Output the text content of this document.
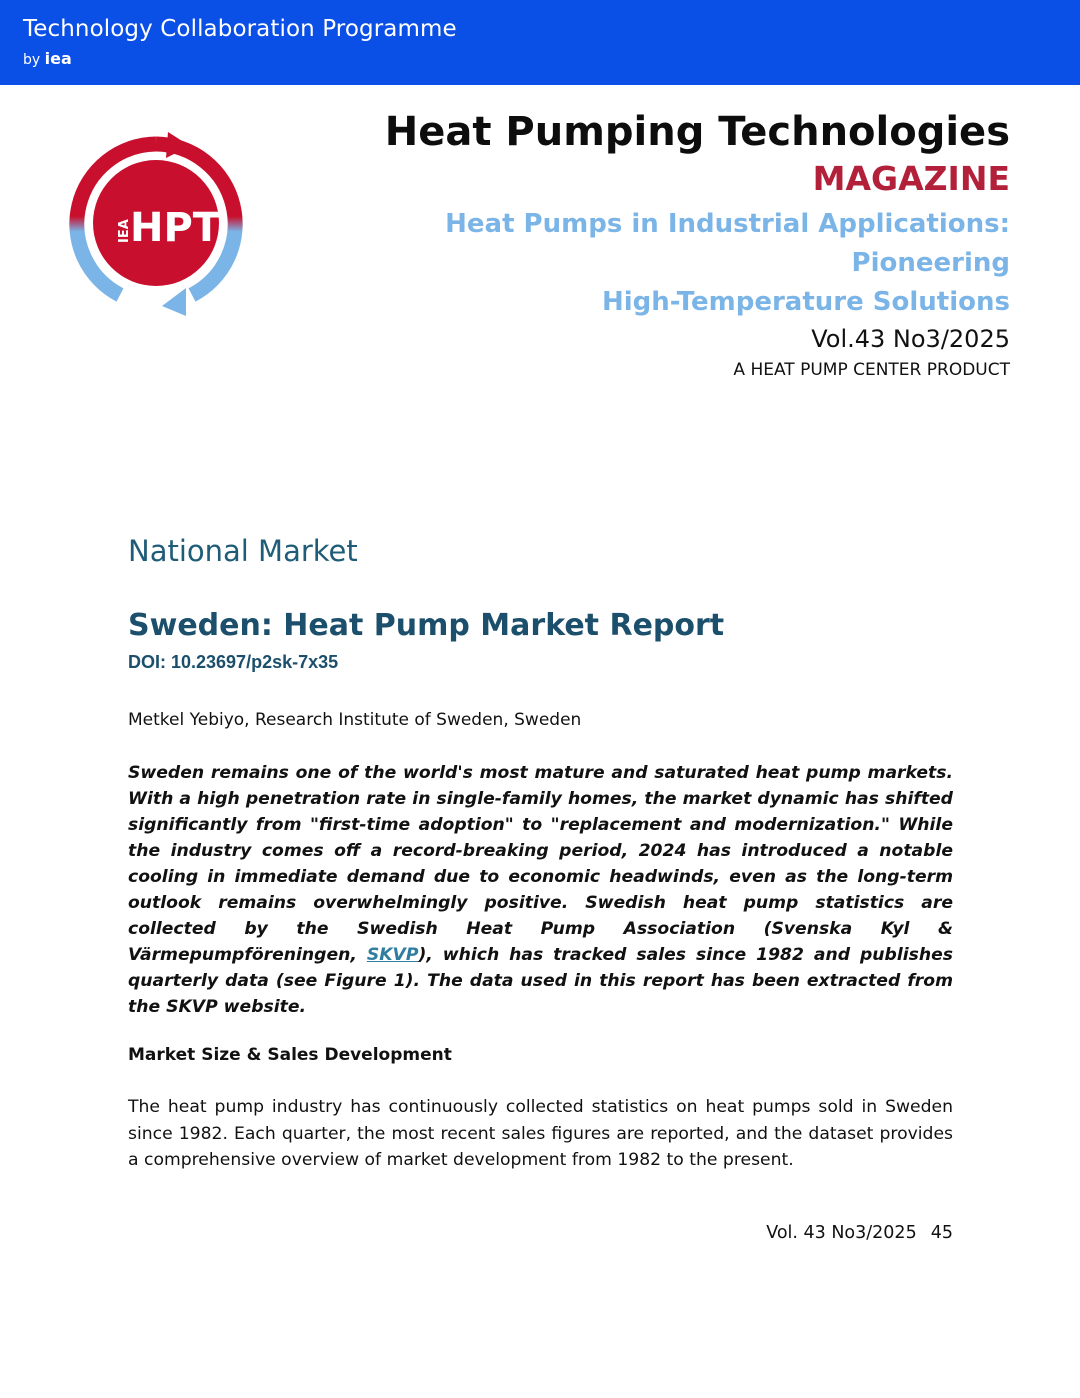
Technology Collaboration Programme
by iea
IEA
HPT
Heat Pumping Technologies
MAGAZINE
Heat Pumps in Industrial Applications: Pioneering
High-Temperature Solutions
Vol.43 No3/2025
A HEAT PUMP CENTER PRODUCT
National Market
Sweden: Heat Pump Market Report
DOI: 10.23697/p2sk-7x35
Metkel Yebiyo, Research Institute of Sweden, Sweden
Sweden remains one of the world's most mature and saturated heat pump markets. With a high penetration rate in single-family homes, the market dynamic has shifted significantly from "first-time adoption" to "replacement and modernization." While the industry comes off a record-breaking period, 2024 has introduced a notable cooling in immediate demand due to economic headwinds, even as the long-term outlook remains overwhelmingly positive. Swedish heat pump statistics are collected by the Swedish Heat Pump Association (Svenska Kyl & Värmepumpföreningen, SKVP), which has tracked sales since 1982 and publishes quarterly data (see Figure 1). The data used in this report has been extracted from the SKVP website.
Market Size & Sales Development
The heat pump industry has continuously collected statistics on heat pumps sold in Sweden since 1982. Each quarter, the most recent sales figures are reported, and the dataset provides a comprehensive overview of market development from 1982 to the present.
Vol. 43 No3/2025 45
